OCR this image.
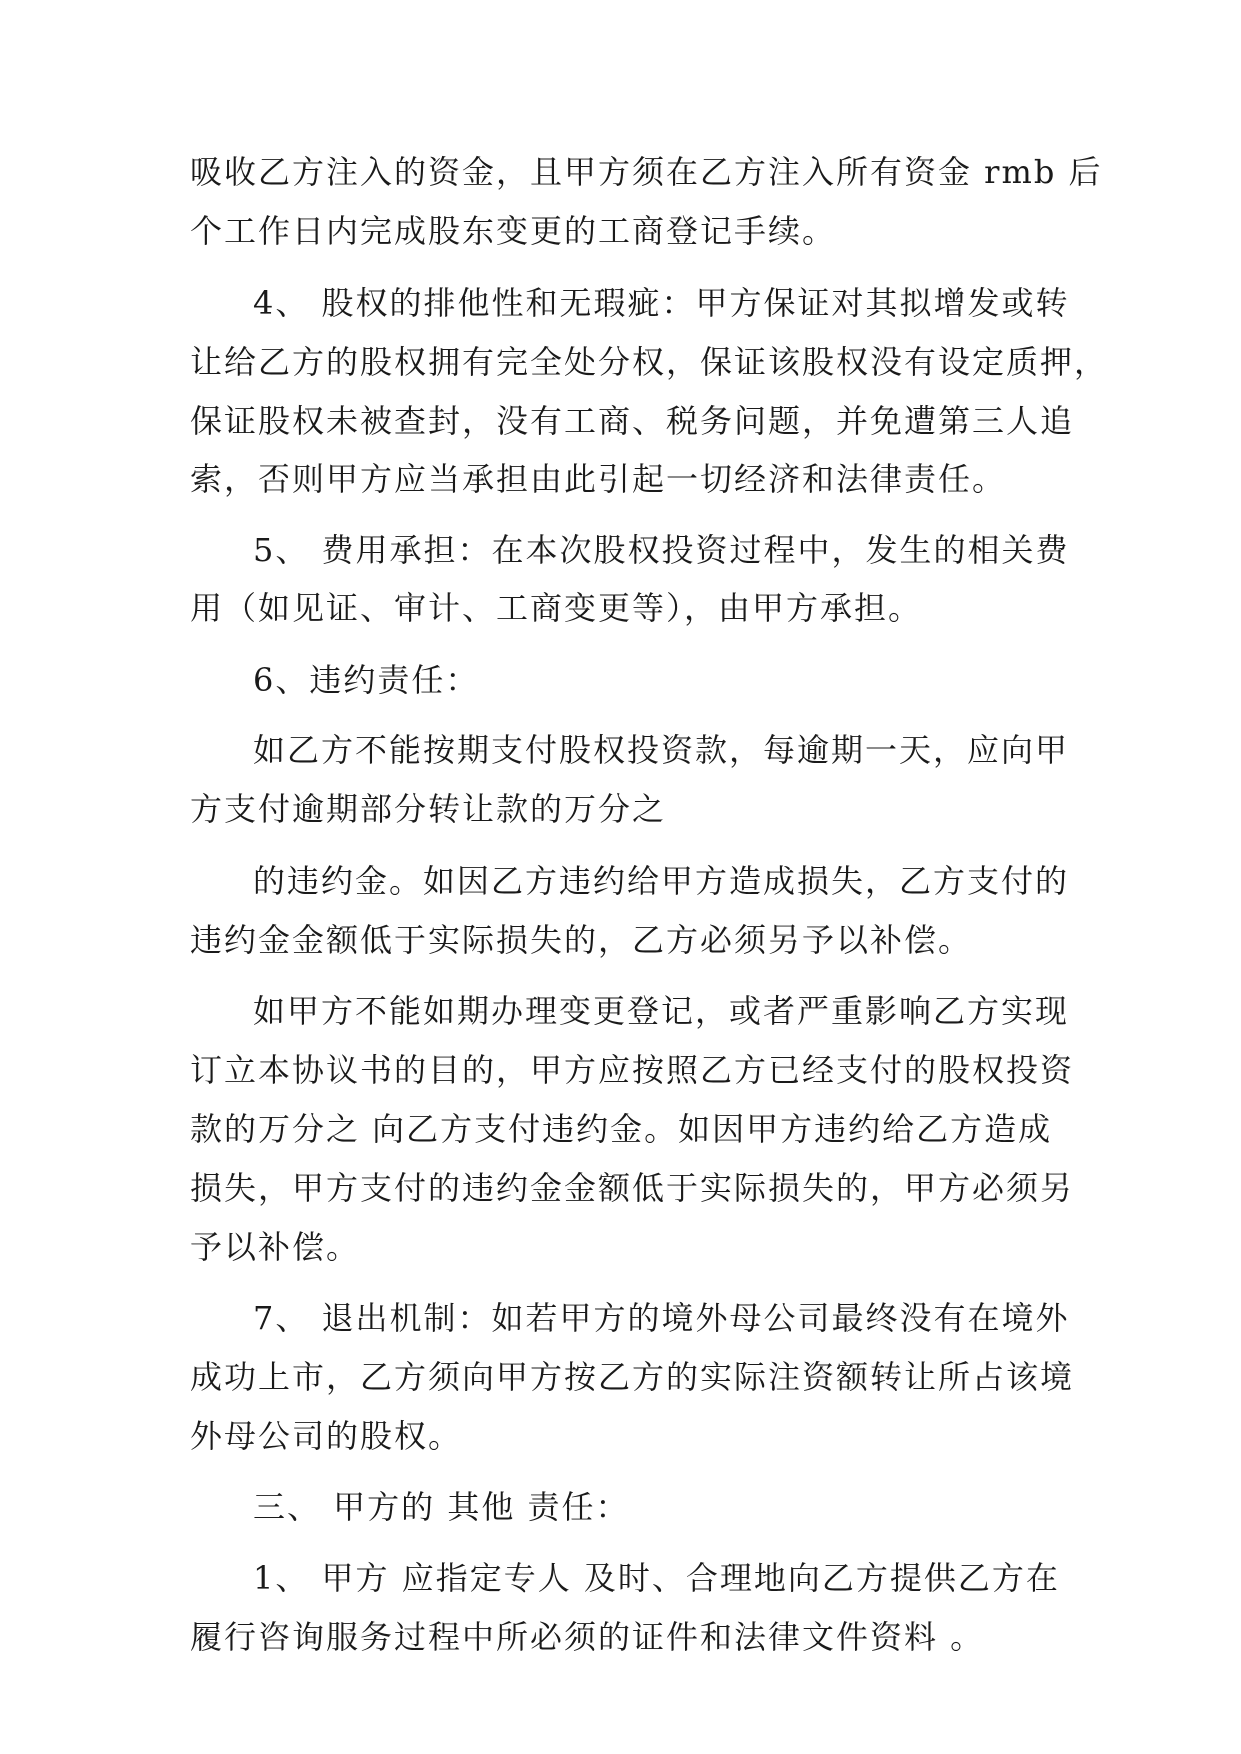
吸收乙方注入的资金，且甲方须在乙方注入所有资金 rmb 后
个工作日内完成股东变更的工商登记手续。
4、 股权的排他性和无瑕疵：甲方保证对其拟增发或转
让给乙方的股权拥有完全处分权，保证该股权没有设定质押，
保证股权未被查封，没有工商、税务问题，并免遭第三人追
索，否则甲方应当承担由此引起一切经济和法律责任。
5、 费用承担：在本次股权投资过程中，发生的相关费
用（如见证、审计、工商变更等），由甲方承担。
6、违约责任：
如乙方不能按期支付股权投资款，每逾期一天，应向甲
方支付逾期部分转让款的万分之
的违约金。如因乙方违约给甲方造成损失，乙方支付的
违约金金额低于实际损失的，乙方必须另予以补偿。
如甲方不能如期办理变更登记，或者严重影响乙方实现
订立本协议书的目的，甲方应按照乙方已经支付的股权投资
款的万分之 向乙方支付违约金。如因甲方违约给乙方造成
损失，甲方支付的违约金金额低于实际损失的，甲方必须另
予以补偿。
7、 退出机制：如若甲方的境外母公司最终没有在境外
成功上市，乙方须向甲方按乙方的实际注资额转让所占该境
外母公司的股权。
三、 甲方的 其他 责任：
1、 甲方 应指定专人 及时、合理地向乙方提供乙方在
履行咨询服务过程中所必须的证件和法律文件资料 。
